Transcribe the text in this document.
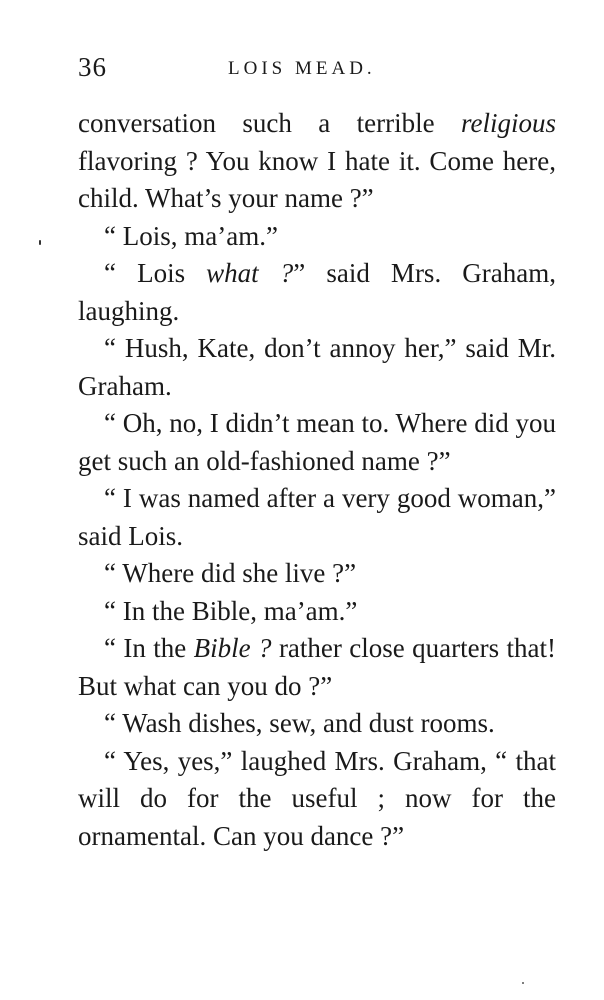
36	LOIS MEAD.

conversation such a terrible religious flavoring ? You know I hate it. Come here, child. What’s your name ?”

“ Lois, ma’am.”

“ Lois what ?” said Mrs. Graham, laughing.

“ Hush, Kate, don’t annoy her,” said Mr. Graham.

“ Oh, no, I didn’t mean to. Where did you get such an old-fashioned name ?”

“ I was named after a very good woman,” said Lois.

“ Where did she live ?”

“ In the Bible, ma’am.”

“ In the Bible ? rather close quarters that! But what can you do ?”

“ Wash dishes, sew, and dust rooms.

“ Yes, yes,” laughed Mrs. Graham, “ that will do for the useful ; now for the ornamental. Can you dance ?”
